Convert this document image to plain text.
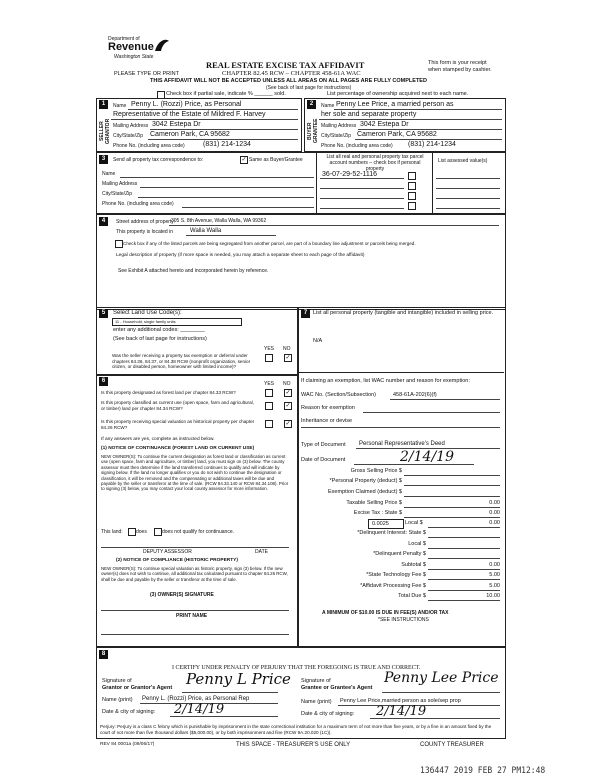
Department of
Revenue
Washington State
REAL ESTATE EXCISE TAX AFFIDAVIT
CHAPTER 82.45 RCW – CHAPTER 458-61A WAC
PLEASE TYPE OR PRINT
THIS AFFIDAVIT WILL NOT BE ACCEPTED UNLESS ALL AREAS ON ALL PAGES ARE FULLY COMPLETED
(See back of last page for instructions)
Check box if partial sale, indicate % ______ sold.	List percentage of ownership acquired next to each name.
This form is your receipt when stamped by cashier.
1	2
SELLER GRANTOR	BUYER GRANTEE
Name Penny L. (Rozzi) Price, as Personal
Representative of the Estate of Mildred F. Harvey
Mailing Address 3042 Estepa Dr
City/State/Zip Cameron Park, CA 95682
Phone No. (including area code)	(831) 214-1234
Name Penny Lee Price, a married person as
her sole and separate property
Mailing Address 3042 Estepa Dr
City/State/Zip Cameron Park, CA 95682
Phone No. (including area code) (831) 214-1234
3	Send all property tax correspondence to:	✓ Same as Buyer/Grantee
Name
Mailing Address
City/State/Zip
Phone No. (including area code)
List all real and personal property tax parcel account numbers – check box if personal property
List assessed value(s)
36-07-29-52-1116
4	Street address of property:
305 S. 8th Avenue, Walla Walla, WA 99362
This property is located in	Walla Walla
Check box if any of the listed parcels are being segregated from another parcel, are part of a boundary line adjustment or parcels being merged.
Legal description of property (if more space is needed, you may attach a separate sheet to each page of the affidavit)
See Exhibit A attached hereto and incorporated herein by reference.
5	Select Land Use Code(s):
11 - Household, single family units
enter any additional codes: ________
(See back of last page for instructions)
YES NO
Was the seller receiving a property tax exemption or deferral under chapters 84.36, 84.37, or 84.38 RCW (nonprofit organization, senior citizen, or disabled person, homeowner with limited income)?
✓
6	YES NO
Is this property designated as forest land per chapter 84.33 RCW?	✓
Is this property classified as current use (open space, farm and agricultural, or timber) land per chapter 84.34 RCW?	✓
Is this property receiving special valuation as historical property per chapter 84.26 RCW?
✓
If any answers are yes, complete as instructed below.
(1) NOTICE OF CONTINUANCE (FOREST LAND OR CURRENT USE)
NEW OWNER(S): To continue the current designation as forest land or classification as current use (open space, farm and agriculture, or timber) land, you must sign on (3) below. The county assessor must then determine if the land transferred continues to qualify and will indicate by signing below. If the land no longer qualifies or you do not wish to continue the designation or classification, it will be removed and the compensating or additional taxes will be due and payable by the seller or transferor at the time of sale. (RCW 84.33.140 or RCW 84.34.108). Prior to signing (3) below, you may contact your local county assessor for more information.
This land:	does	does not qualify for continuance.
DEPUTY ASSESSOR	DATE
(2) NOTICE OF COMPLIANCE (HISTORIC PROPERTY)
NEW OWNER(S): To continue special valuation as historic property, sign (3) below. If the new owner(s) does not wish to continue, all additional tax calculated pursuant to chapter 84.26 RCW, shall be due and payable by the seller or transferor at the time of sale.
(3) OWNER(S) SIGNATURE
PRINT NAME
7	List all personal property (tangible and intangible) included in selling price.
N/A
If claiming an exemption, list WAC number and reason for exemption:
WAC No. (Section/Subsection)	458-61A-202(6)(f)
Reason for exemption
Inheritance or devise
Type of Document Personal Representative's Deed
Date of Document	2/14/19
Gross Selling Price $
*Personal Property (deduct) $
Exemption Claimed (deduct) $
Taxable Selling Price $	0.00
Excise Tax : State $	0.00
0.0025	Local $	0.00
*Delinquent Interest: State $
Local $
*Delinquent Penalty $
Subtotal $	0.00
*State Technology Fee $	5.00
*Affidavit Processing Fee $	5.00
Total Due $	10.00
A MINIMUM OF $10.00 IS DUE IN FEE(S) AND/OR TAX
*SEE INSTRUCTIONS
8
I CERTIFY UNDER PENALTY OF PERJURY THAT THE FOREGOING IS TRUE AND CORRECT.
Signature of
Grantor or Grantor's Agent Penny L Price
Name (print) Penny L. (Rozzi) Price, as Personal Rep
Date & city of signing: 2/14/19
Signature of
Grantee or Grantee's Agent
Penny Lee Price
Name (print) Penny Lee Price,married person as sole/sep prop
Date & city of signing: 2/14/19
Perjury: Perjury is a class C felony which is punishable by imprisonment in the state correctional institution for a maximum term of not more than five years, or by a fine in an amount fixed by the court of not more than five thousand dollars ($5,000.00), or by both imprisonment and fine (RCW 9A.20.020 (1C)).
REV 84 0001a (09/06/17)	THIS SPACE - TREASURER'S USE ONLY	COUNTY TREASURER
136447 2019 FEB 27 PM12:48
